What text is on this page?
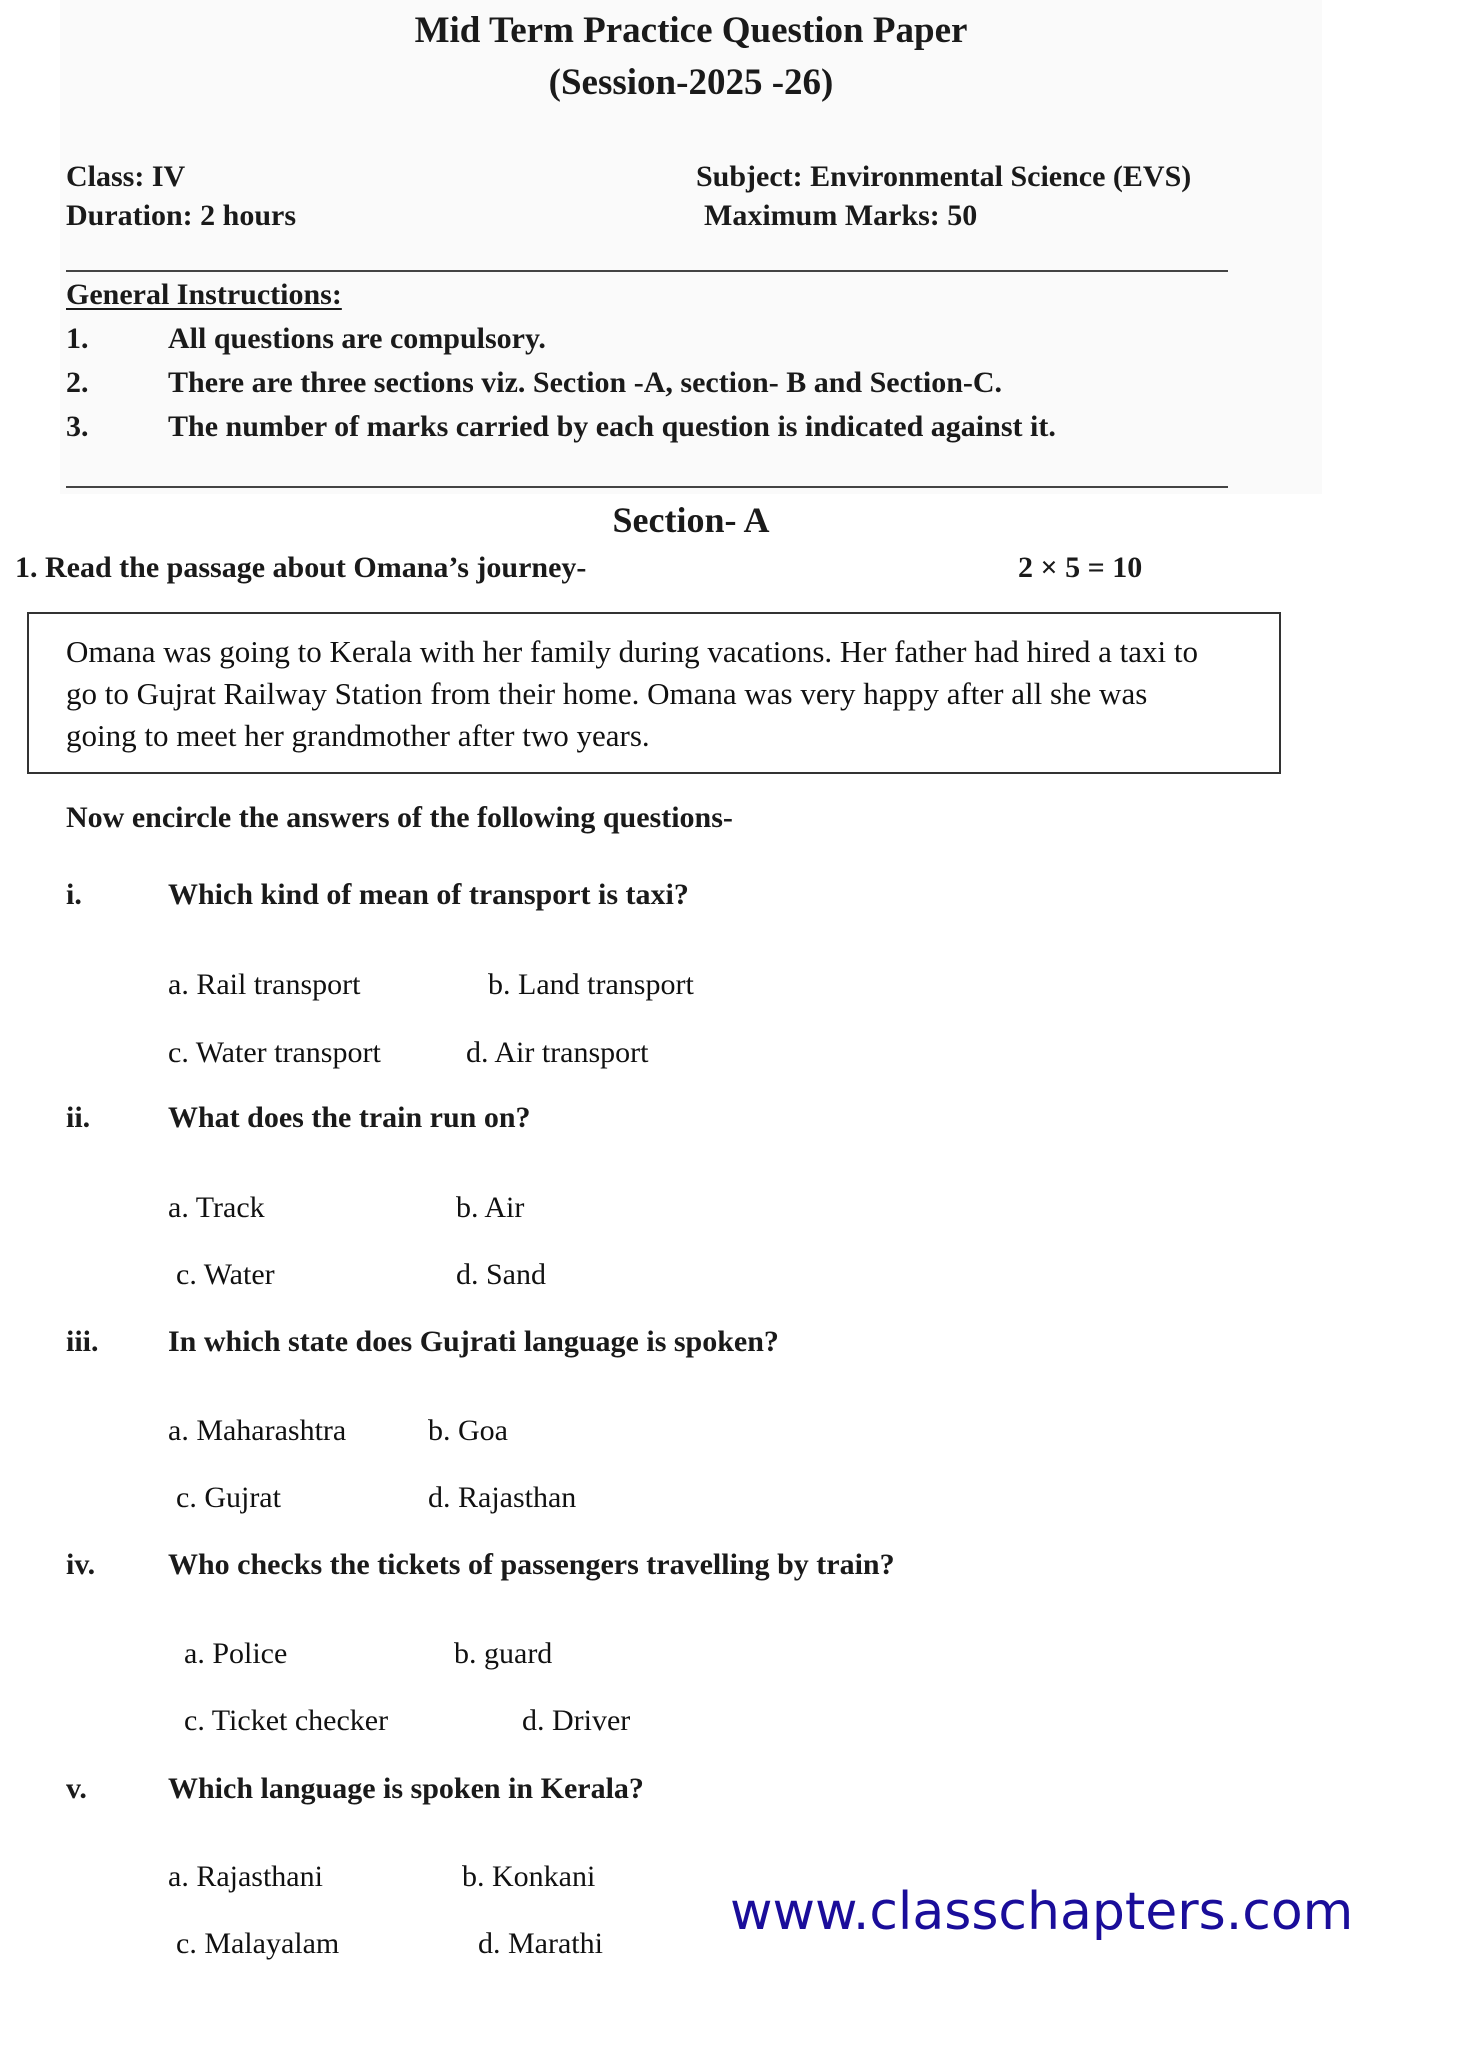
Mid Term Practice Question Paper
(Session-2025 -26)
Class: IV
Duration: 2 hours
Subject: Environmental Science (EVS)
Maximum Marks: 50
General Instructions:
1.	All questions are compulsory.
2.	There are three sections viz. Section -A, section- B and Section-C.
3.	The number of marks carried by each question is indicated against it.
Section- A
1. Read the passage about Omana’s journey-	2 × 5 = 10
Omana was going to Kerala with her family during vacations. Her father had hired a taxi to
go to Gujrat Railway Station from their home. Omana was very happy after all she was
going to meet her grandmother after two years.
Now encircle the answers of the following questions-
i.	Which kind of mean of transport is taxi?
a. Rail transport	b. Land transport
c. Water transport	d. Air transport
ii.	What does the train run on?
a. Track	b. Air
c. Water	d. Sand
iii. In which state does Gujrati language is spoken?
a. Maharashtra	b. Goa
c. Gujrat	d. Rajasthan
iv. Who checks the tickets of passengers travelling by train?
a. Police	b. guard
c. Ticket checker	d. Driver
v.	Which language is spoken in Kerala?
a. Rajasthani	b. Konkani
c. Malayalam	d. Marathi
www.classchapters.com
